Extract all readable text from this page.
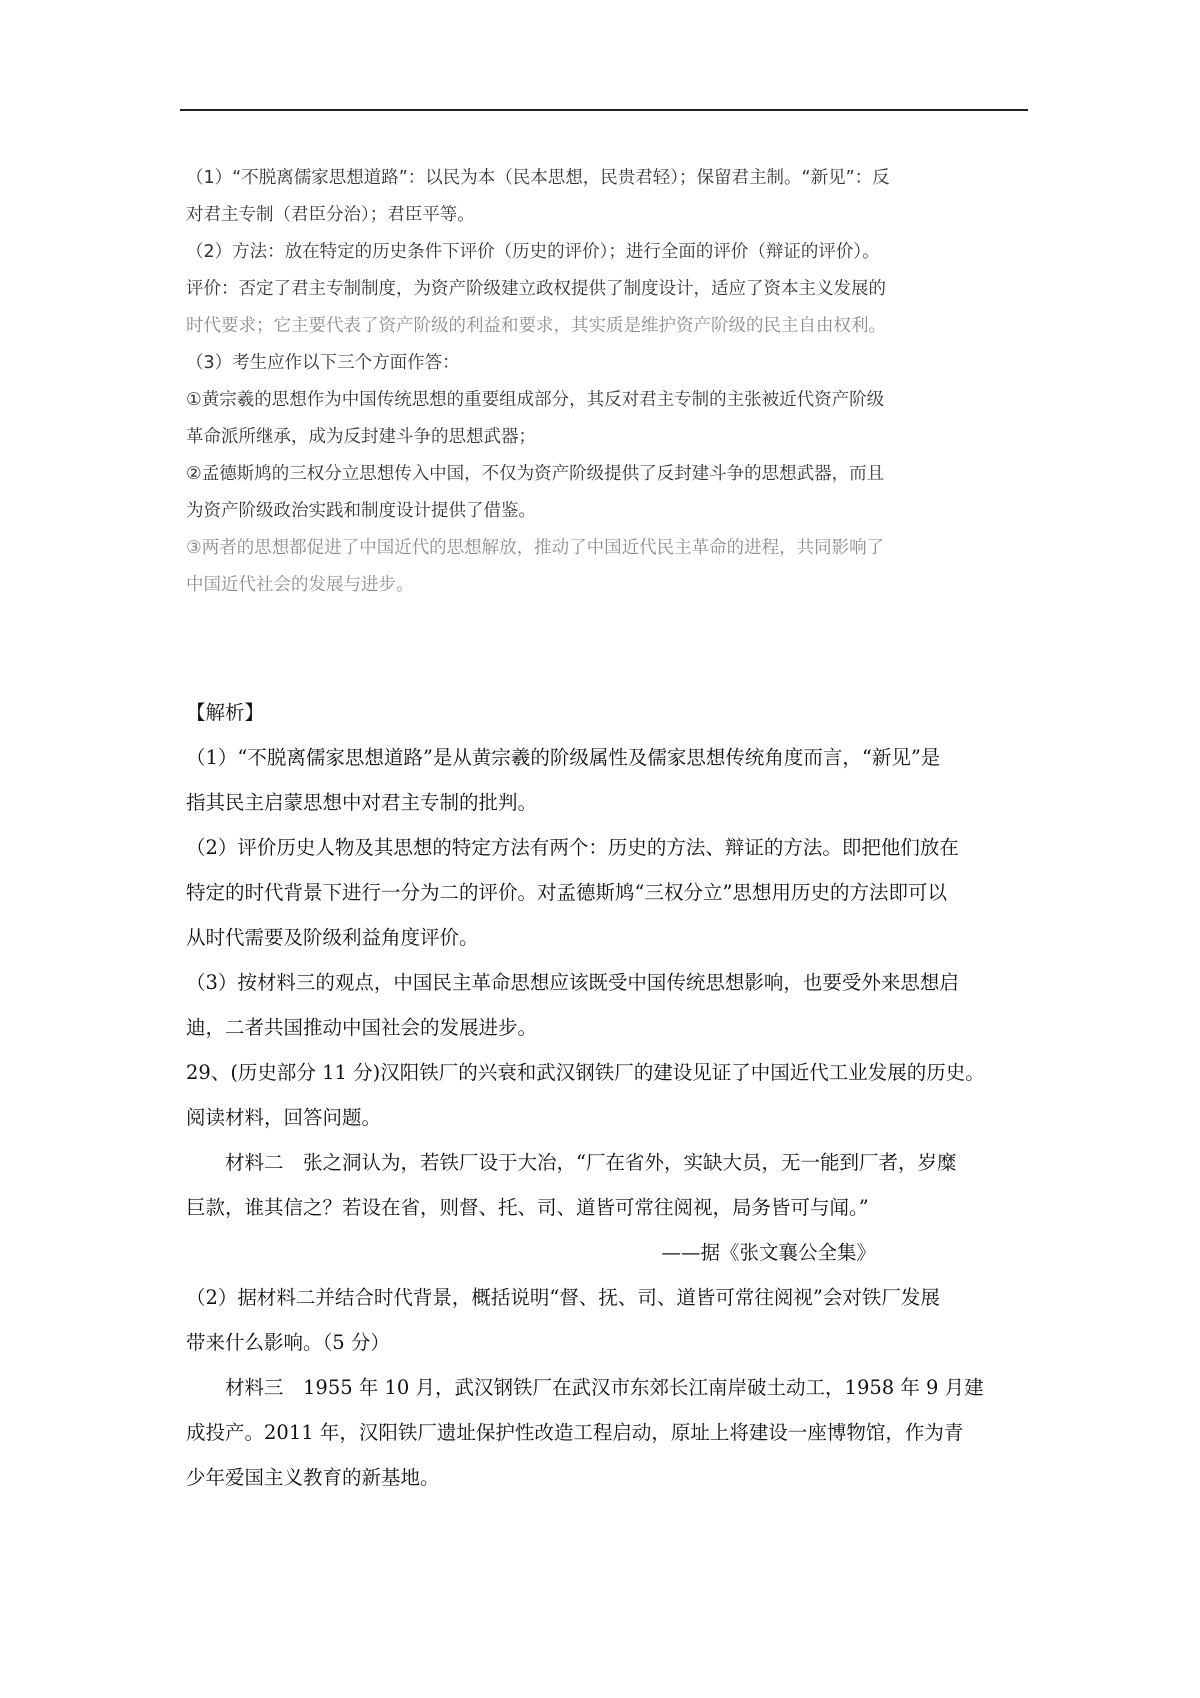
（1）“不脱离儒家思想道路”：以民为本（民本思想，民贵君轻）；保留君主制。“新见”：反
对君主专制（君臣分治）；君臣平等。
（2）方法：放在特定的历史条件下评价（历史的评价）；进行全面的评价（辩证的评价）。
评价：否定了君主专制制度，为资产阶级建立政权提供了制度设计，适应了资本主义发展的
时代要求；它主要代表了资产阶级的利益和要求，其实质是维护资产阶级的民主自由权利。
（3）考生应作以下三个方面作答：
①黄宗羲的思想作为中国传统思想的重要组成部分，其反对君主专制的主张被近代资产阶级
革命派所继承，成为反封建斗争的思想武器；
②孟德斯鸠的三权分立思想传入中国，不仅为资产阶级提供了反封建斗争的思想武器，而且
为资产阶级政治实践和制度设计提供了借鉴。
③两者的思想都促进了中国近代的思想解放，推动了中国近代民主革命的进程，共同影响了
中国近代社会的发展与进步。
【解析】
（1）“不脱离儒家思想道路”是从黄宗羲的阶级属性及儒家思想传统角度而言，“新见”是
指其民主启蒙思想中对君主专制的批判。
（2）评价历史人物及其思想的特定方法有两个：历史的方法、辩证的方法。即把他们放在
特定的时代背景下进行一分为二的评价。对孟德斯鸠“三权分立”思想用历史的方法即可以
从时代需要及阶级利益角度评价。
（3）按材料三的观点，中国民主革命思想应该既受中国传统思想影响，也要受外来思想启
迪，二者共国推动中国社会的发展进步。
29、(历史部分 11 分)汉阳铁厂的兴衰和武汉钢铁厂的建设见证了中国近代工业发展的历史。
阅读材料，回答问题。
材料二　张之洞认为，若铁厂设于大冶，“厂在省外，实缺大员，无一能到厂者，岁糜
巨款，谁其信之？若设在省，则督、托、司、道皆可常往阅视，局务皆可与闻。”
——据《张文襄公全集》
（2）据材料二并结合时代背景，概括说明“督、抚、司、道皆可常往阅视”会对铁厂发展
带来什么影响。（5 分）
材料三　1955 年 10 月，武汉钢铁厂在武汉市东郊长江南岸破土动工，1958 年 9 月建
成投产。2011 年，汉阳铁厂遗址保护性改造工程启动，原址上将建设一座博物馆，作为青
少年爱国主义教育的新基地。
